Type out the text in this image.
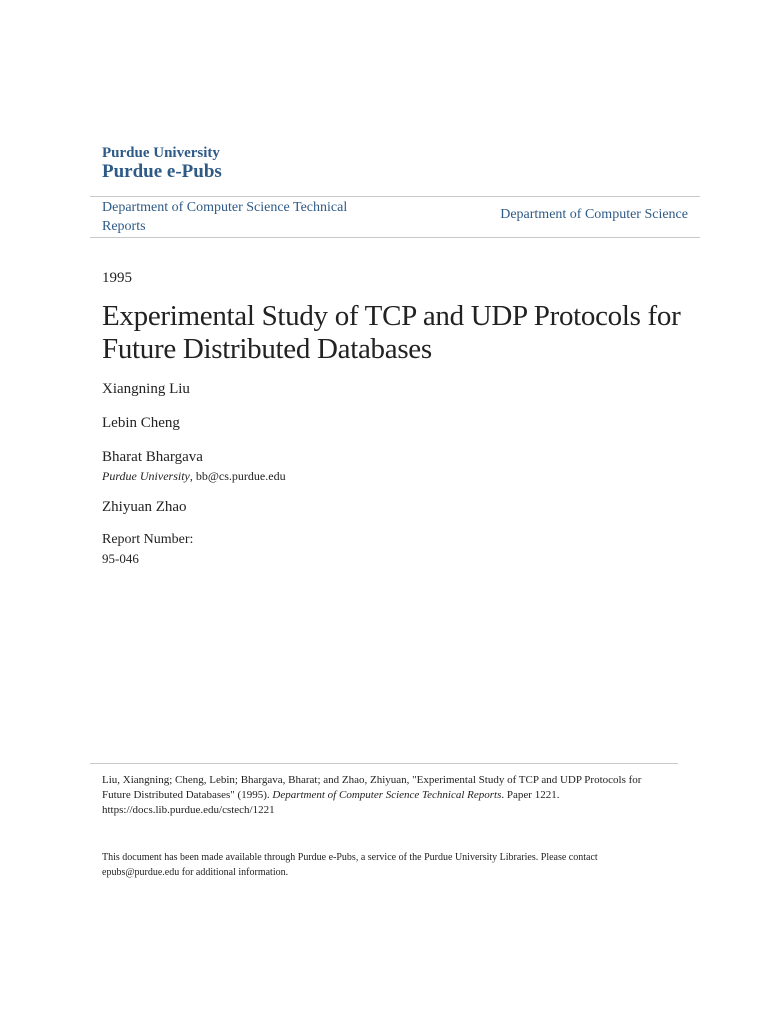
Purdue University
Purdue e-Pubs
Department of Computer Science Technical Reports
Department of Computer Science
1995
Experimental Study of TCP and UDP Protocols for Future Distributed Databases
Xiangning Liu
Lebin Cheng
Bharat Bhargava
Purdue University, bb@cs.purdue.edu
Zhiyuan Zhao
Report Number:
95-046
Liu, Xiangning; Cheng, Lebin; Bhargava, Bharat; and Zhao, Zhiyuan, "Experimental Study of TCP and UDP Protocols for Future Distributed Databases" (1995). Department of Computer Science Technical Reports. Paper 1221.
https://docs.lib.purdue.edu/cstech/1221
This document has been made available through Purdue e-Pubs, a service of the Purdue University Libraries. Please contact epubs@purdue.edu for additional information.
